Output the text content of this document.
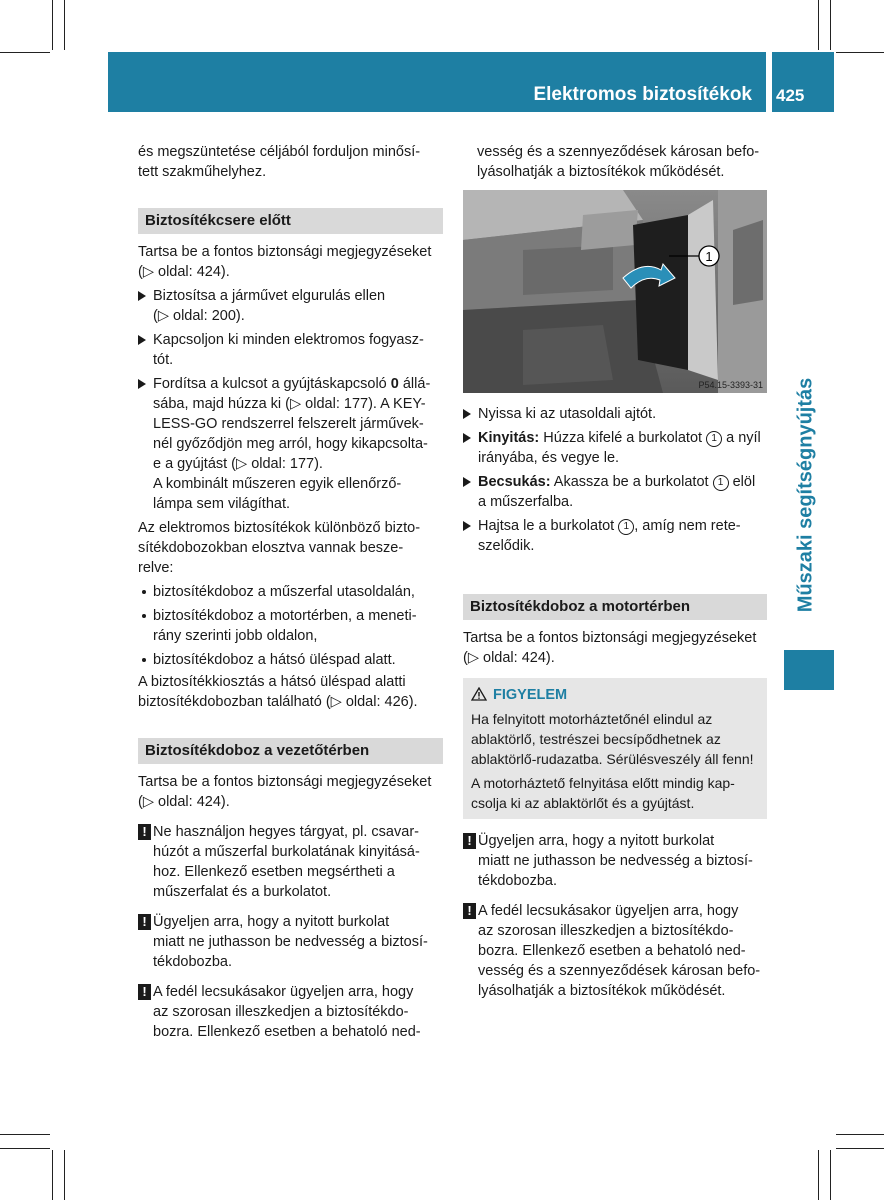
Elektromos biztosítékok 425
Műszaki segítségnyújtás

és megszüntetése céljából forduljon minősí-

tett szakműhelyhez.

Biztosítékcsere előtt

Tartsa be a fontos biztonsági megjegyzéseket

(▷ oldal: 424).

Biztosítsa a járművet elgurulás ellen

(▷ oldal: 200).

Kapcsoljon ki minden elektromos fogyasz-

tót.

Fordítsa a kulcsot a gyújtáskapcsoló 0 állá-

sába, majd húzza ki (▷ oldal: 177). A KEY-

LESS-GO rendszerrel felszerelt járművek-

nél győződjön meg arról, hogy kikapcsolta-

e a gyújtást (▷ oldal: 177).

A kombinált műszeren egyik ellenőrző-

lámpa sem világíthat.

Az elektromos biztosítékok különböző bizto-

sítékdobozokban elosztva vannak besze-

relve:

biztosítékdoboz a műszerfal utasoldalán,

biztosítékdoboz a motortérben, a meneti-

rány szerinti jobb oldalon,

biztosítékdoboz a hátsó üléspad alatt.

A biztosítékkiosztás a hátsó üléspad alatti

biztosítékdobozban található (▷ oldal: 426).

Biztosítékdoboz a vezetőtérben

Tartsa be a fontos biztonsági megjegyzéseket

(▷ oldal: 424).

! Ne használjon hegyes tárgyat, pl. csavar-

húzót a műszerfal burkolatának kinyitásá-

hoz. Ellenkező esetben megsértheti a

műszerfalat és a burkolatot.

! Ügyeljen arra, hogy a nyitott burkolat

miatt ne juthasson be nedvesség a biztosí-

tékdobozba.

! A fedél lecsukásakor ügyeljen arra, hogy

az szorosan illeszkedjen a biztosítékdo-

bozra. Ellenkező esetben a behatoló ned-

vesség és a szennyeződések károsan befo-

lyásolhatják a biztosítékok működését.

1
P54.15-3393-31

Nyissa ki az utasoldali ajtót.

Kinyitás: Húzza kifelé a burkolatot 1 a nyíl

irányába, és vegye le.

Becsukás: Akassza be a burkolatot 1 elöl

a műszerfalba.

Hajtsa le a burkolatot 1 , amíg nem rete-

szelődik.

Biztosítékdoboz a motortérben

Tartsa be a fontos biztonsági megjegyzéseket

(▷ oldal: 424).

FIGYELEM

Ha felnyitott motorháztetőnél elindul az

ablaktörlő, testrészei becsípődhetnek az

ablaktörlő-rudazatba. Sérülésveszély áll fenn!

A motorháztető felnyitása előtt mindig kap-

csolja ki az ablaktörlőt és a gyújtást.

! Ügyeljen arra, hogy a nyitott burkolat

miatt ne juthasson be nedvesség a biztosí-

tékdobozba.

! A fedél lecsukásakor ügyeljen arra, hogy

az szorosan illeszkedjen a biztosítékdo-

bozra. Ellenkező esetben a behatoló ned-

vesség és a szennyeződések károsan befo-

lyásolhatják a biztosítékok működését.
